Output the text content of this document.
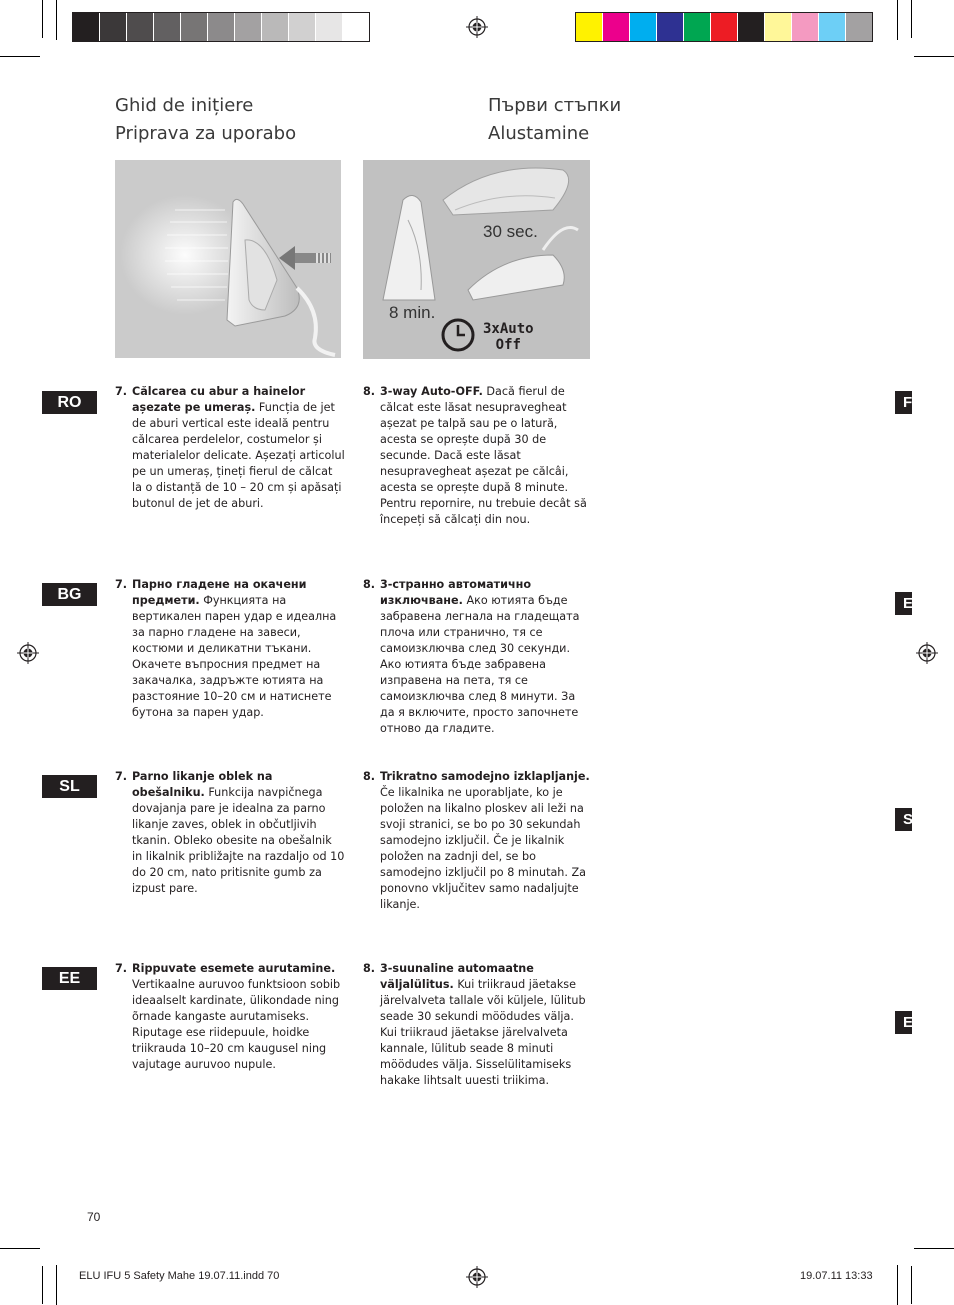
Ghid de inițiere
Priprava za uporabo
Първи стъпки
Alustamine
30 sec.
8 min.
3xAuto
Off
RO	F
7. Călcarea cu abur a hainelor așezate pe umeraș. Funcția de jet de aburi vertical este ideală pentru călcarea perdelelor, costumelor și materialelor delicate. Așezați articolul pe un umeraș, țineți fierul de călcat la o distanță de 10 – 20 cm și apăsați butonul de jet de aburi.
8. 3-way Auto-OFF. Dacă fierul de călcat este lăsat nesupravegheat așezat pe talpă sau pe o latură, acesta se oprește după 30 de secunde. Dacă este lăsat nesupravegheat așezat pe călcâi, acesta se oprește după 8 minute. Pentru repornire, nu trebuie decât să începeți să călcați din nou.
BG
E
7. Парно гладене на окачени предмети. Функцията на вертикален парен удар е идеална за парно гладене на завеси, костюми и деликатни тъкани. Окачете въпросния предмет на закачалка, задръжте ютията на разстояние 10–20 см и натиснете бутона за парен удар.
8. 3-странно автоматично изключване. Ако ютията бъде забравена легнала на гладещата плоча или странично, тя се самоизключва след 30 секунди. Ако ютията бъде забравена изправена на пета, тя се самоизключва след 8 минути. За да я включите, просто започнете отново да гладите.
SL
S
7. Parno likanje oblek na obešalniku. Funkcija navpičnega dovajanja pare je idealna za parno likanje zaves, oblek in občutljivih tkanin. Obleko obesite na obešalnik in likalnik približajte na razdaljo od 10 do 20 cm, nato pritisnite gumb za izpust pare.
8. Trikratno samodejno izklapljanje. Če likalnika ne uporabljate, ko je položen na likalno ploskev ali leži na svoji stranici, se bo po 30 sekundah samodejno izključil. Če je likalnik položen na zadnji del, se bo samodejno izključil po 8 minutah. Za ponovno vključitev samo nadaljujte likanje.
EE
E
7. Rippuvate esemete aurutamine. Vertikaalne auruvoo funktsioon sobib ideaalselt kardinate, ülikondade ning õrnade kangaste aurutamiseks. Riputage ese riidepuule, hoidke triikrauda 10–20 cm kaugusel ning vajutage auruvoo nupule.
8. 3-suunaline automaatne väljalülitus. Kui triikraud jäetakse järelvalveta tallale või küljele, lülitub seade 30 sekundi möödudes välja. Kui triikraud jäetakse järelvalveta kannale, lülitub seade 8 minuti möödudes välja. Sisselülitamiseks hakake lihtsalt uuesti triikima.
70
ELU IFU 5 Safety Mahe 19.07.11.indd 70	19.07.11 13:33
